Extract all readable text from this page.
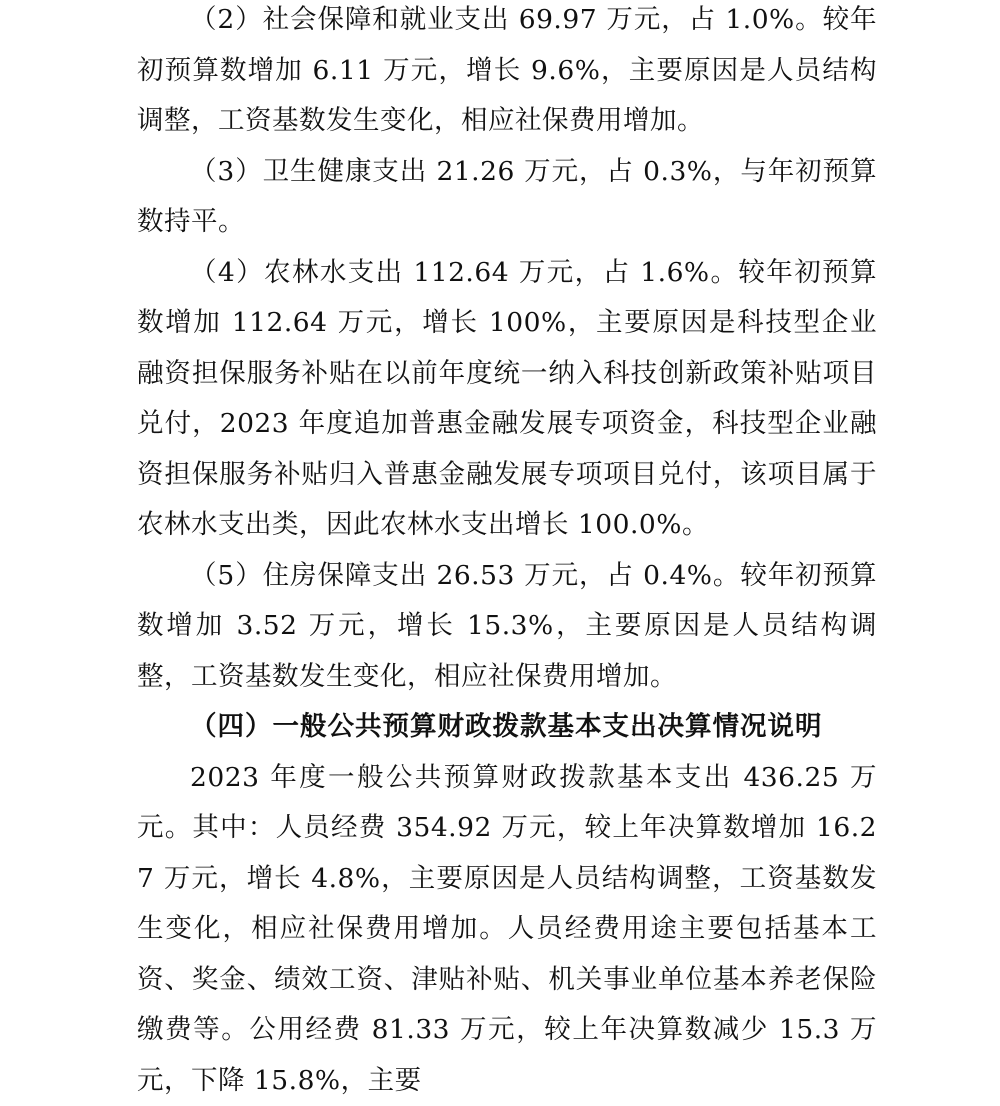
（2）社会保障和就业支出 69.97 万元，占 1.0%。较年初预算数增加 6.11 万元，增长 9.6%，主要原因是人员结构调整，工资基数发生变化，相应社保费用增加。

（3）卫生健康支出 21.26 万元，占 0.3%，与年初预算数持平。

（4）农林水支出 112.64 万元，占 1.6%。较年初预算数增加 112.64 万元，增长 100%，主要原因是科技型企业融资担保服务补贴在以前年度统一纳入科技创新政策补贴项目兑付，2023 年度追加普惠金融发展专项资金，科技型企业融资担保服务补贴归入普惠金融发展专项项目兑付，该项目属于农林水支出类，因此农林水支出增长 100.0%。

（5）住房保障支出 26.53 万元，占 0.4%。较年初预算数增加 3.52 万元，增长 15.3%，主要原因是人员结构调整，工资基数发生变化，相应社保费用增加。

（四）一般公共预算财政拨款基本支出决算情况说明

2023 年度一般公共预算财政拨款基本支出 436.25 万元。其中：人员经费 354.92 万元，较上年决算数增加 16.27 万元，增长 4.8%，主要原因是人员结构调整，工资基数发生变化，相应社保费用增加。人员经费用途主要包括基本工资、奖金、绩效工资、津贴补贴、机关事业单位基本养老保险缴费等。公用经费 81.33 万元，较上年决算数减少 15.3 万元，下降 15.8%，主要
